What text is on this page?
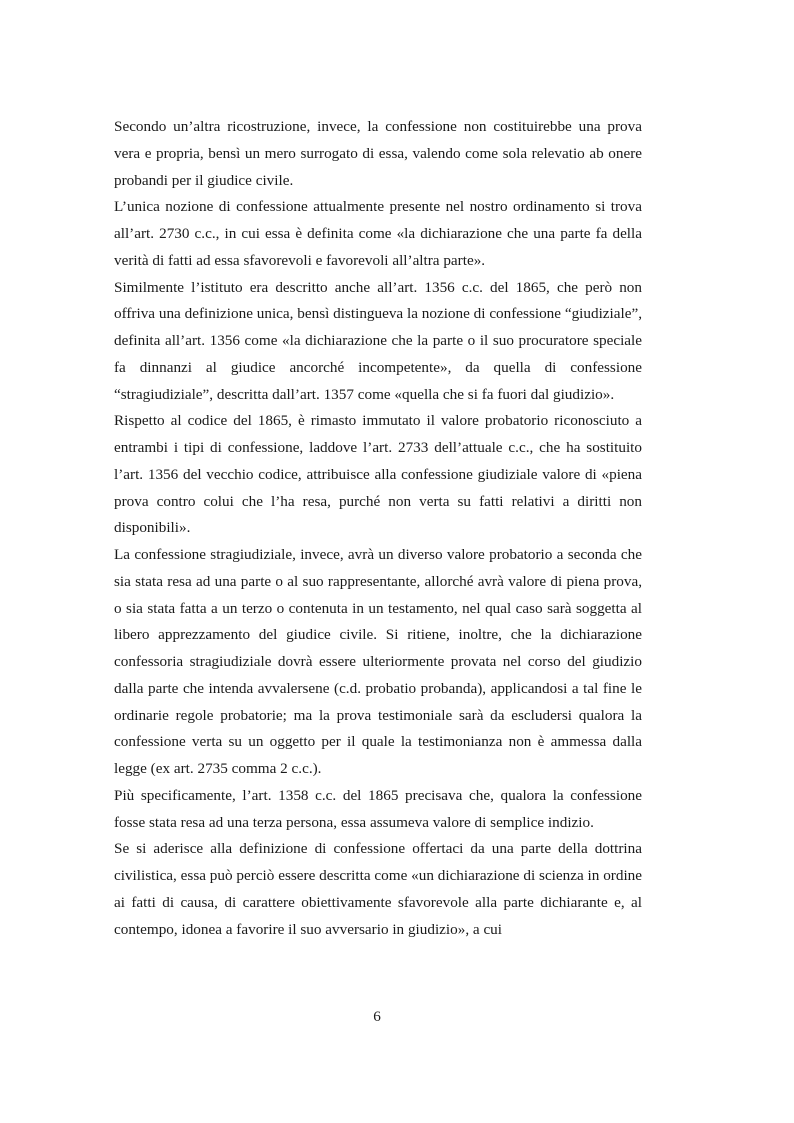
Secondo un’altra ricostruzione, invece, la confessione non costituirebbe una prova vera e propria, bensì un mero surrogato di essa, valendo come sola relevatio ab onere probandi per il giudice civile.

L’unica nozione di confessione attualmente presente nel nostro ordinamento si trova all’art. 2730 c.c., in cui essa è definita come «la dichiarazione che una parte fa della verità di fatti ad essa sfavorevoli e favorevoli all’altra parte».

Similmente l’istituto era descritto anche all’art. 1356 c.c. del 1865, che però non offriva una definizione unica, bensì distingueva la nozione di confessione “giudiziale”, definita all’art. 1356 come «la dichiarazione che la parte o il suo procuratore speciale fa dinnanzi al giudice ancorché incompetente», da quella di confessione “stragiudiziale”, descritta dall’art. 1357 come «quella che si fa fuori dal giudizio».

Rispetto al codice del 1865, è rimasto immutato il valore probatorio riconosciuto a entrambi i tipi di confessione, laddove l’art. 2733 dell’attuale c.c., che ha sostituito l’art. 1356 del vecchio codice, attribuisce alla confessione giudiziale valore di «piena prova contro colui che l’ha resa, purché non verta su fatti relativi a diritti non disponibili».

La confessione stragiudiziale, invece, avrà un diverso valore probatorio a seconda che sia stata resa ad una parte o al suo rappresentante, allorché avrà valore di piena prova, o sia stata fatta a un terzo o contenuta in un testamento, nel qual caso sarà soggetta al libero apprezzamento del giudice civile. Si ritiene, inoltre, che la dichiarazione confessoria stragiudiziale dovrà essere ulteriormente provata nel corso del giudizio dalla parte che intenda avvalersene (c.d. probatio probanda), applicandosi a tal fine le ordinarie regole probatorie; ma la prova testimoniale sarà da escludersi qualora la confessione verta su un oggetto per il quale la testimonianza non è ammessa dalla legge (ex art. 2735 comma 2 c.c.).

Più specificamente, l’art. 1358 c.c. del 1865 precisava che, qualora la confessione fosse stata resa ad una terza persona, essa assumeva valore di semplice indizio.

Se si aderisce alla definizione di confessione offertaci da una parte della dottrina civilistica, essa può perciò essere descritta come «un dichiarazione di scienza in ordine ai fatti di causa, di carattere obiettivamente sfavorevole alla parte dichiarante e, al contempo, idonea a favorire il suo avversario in giudizio», a cui

6
